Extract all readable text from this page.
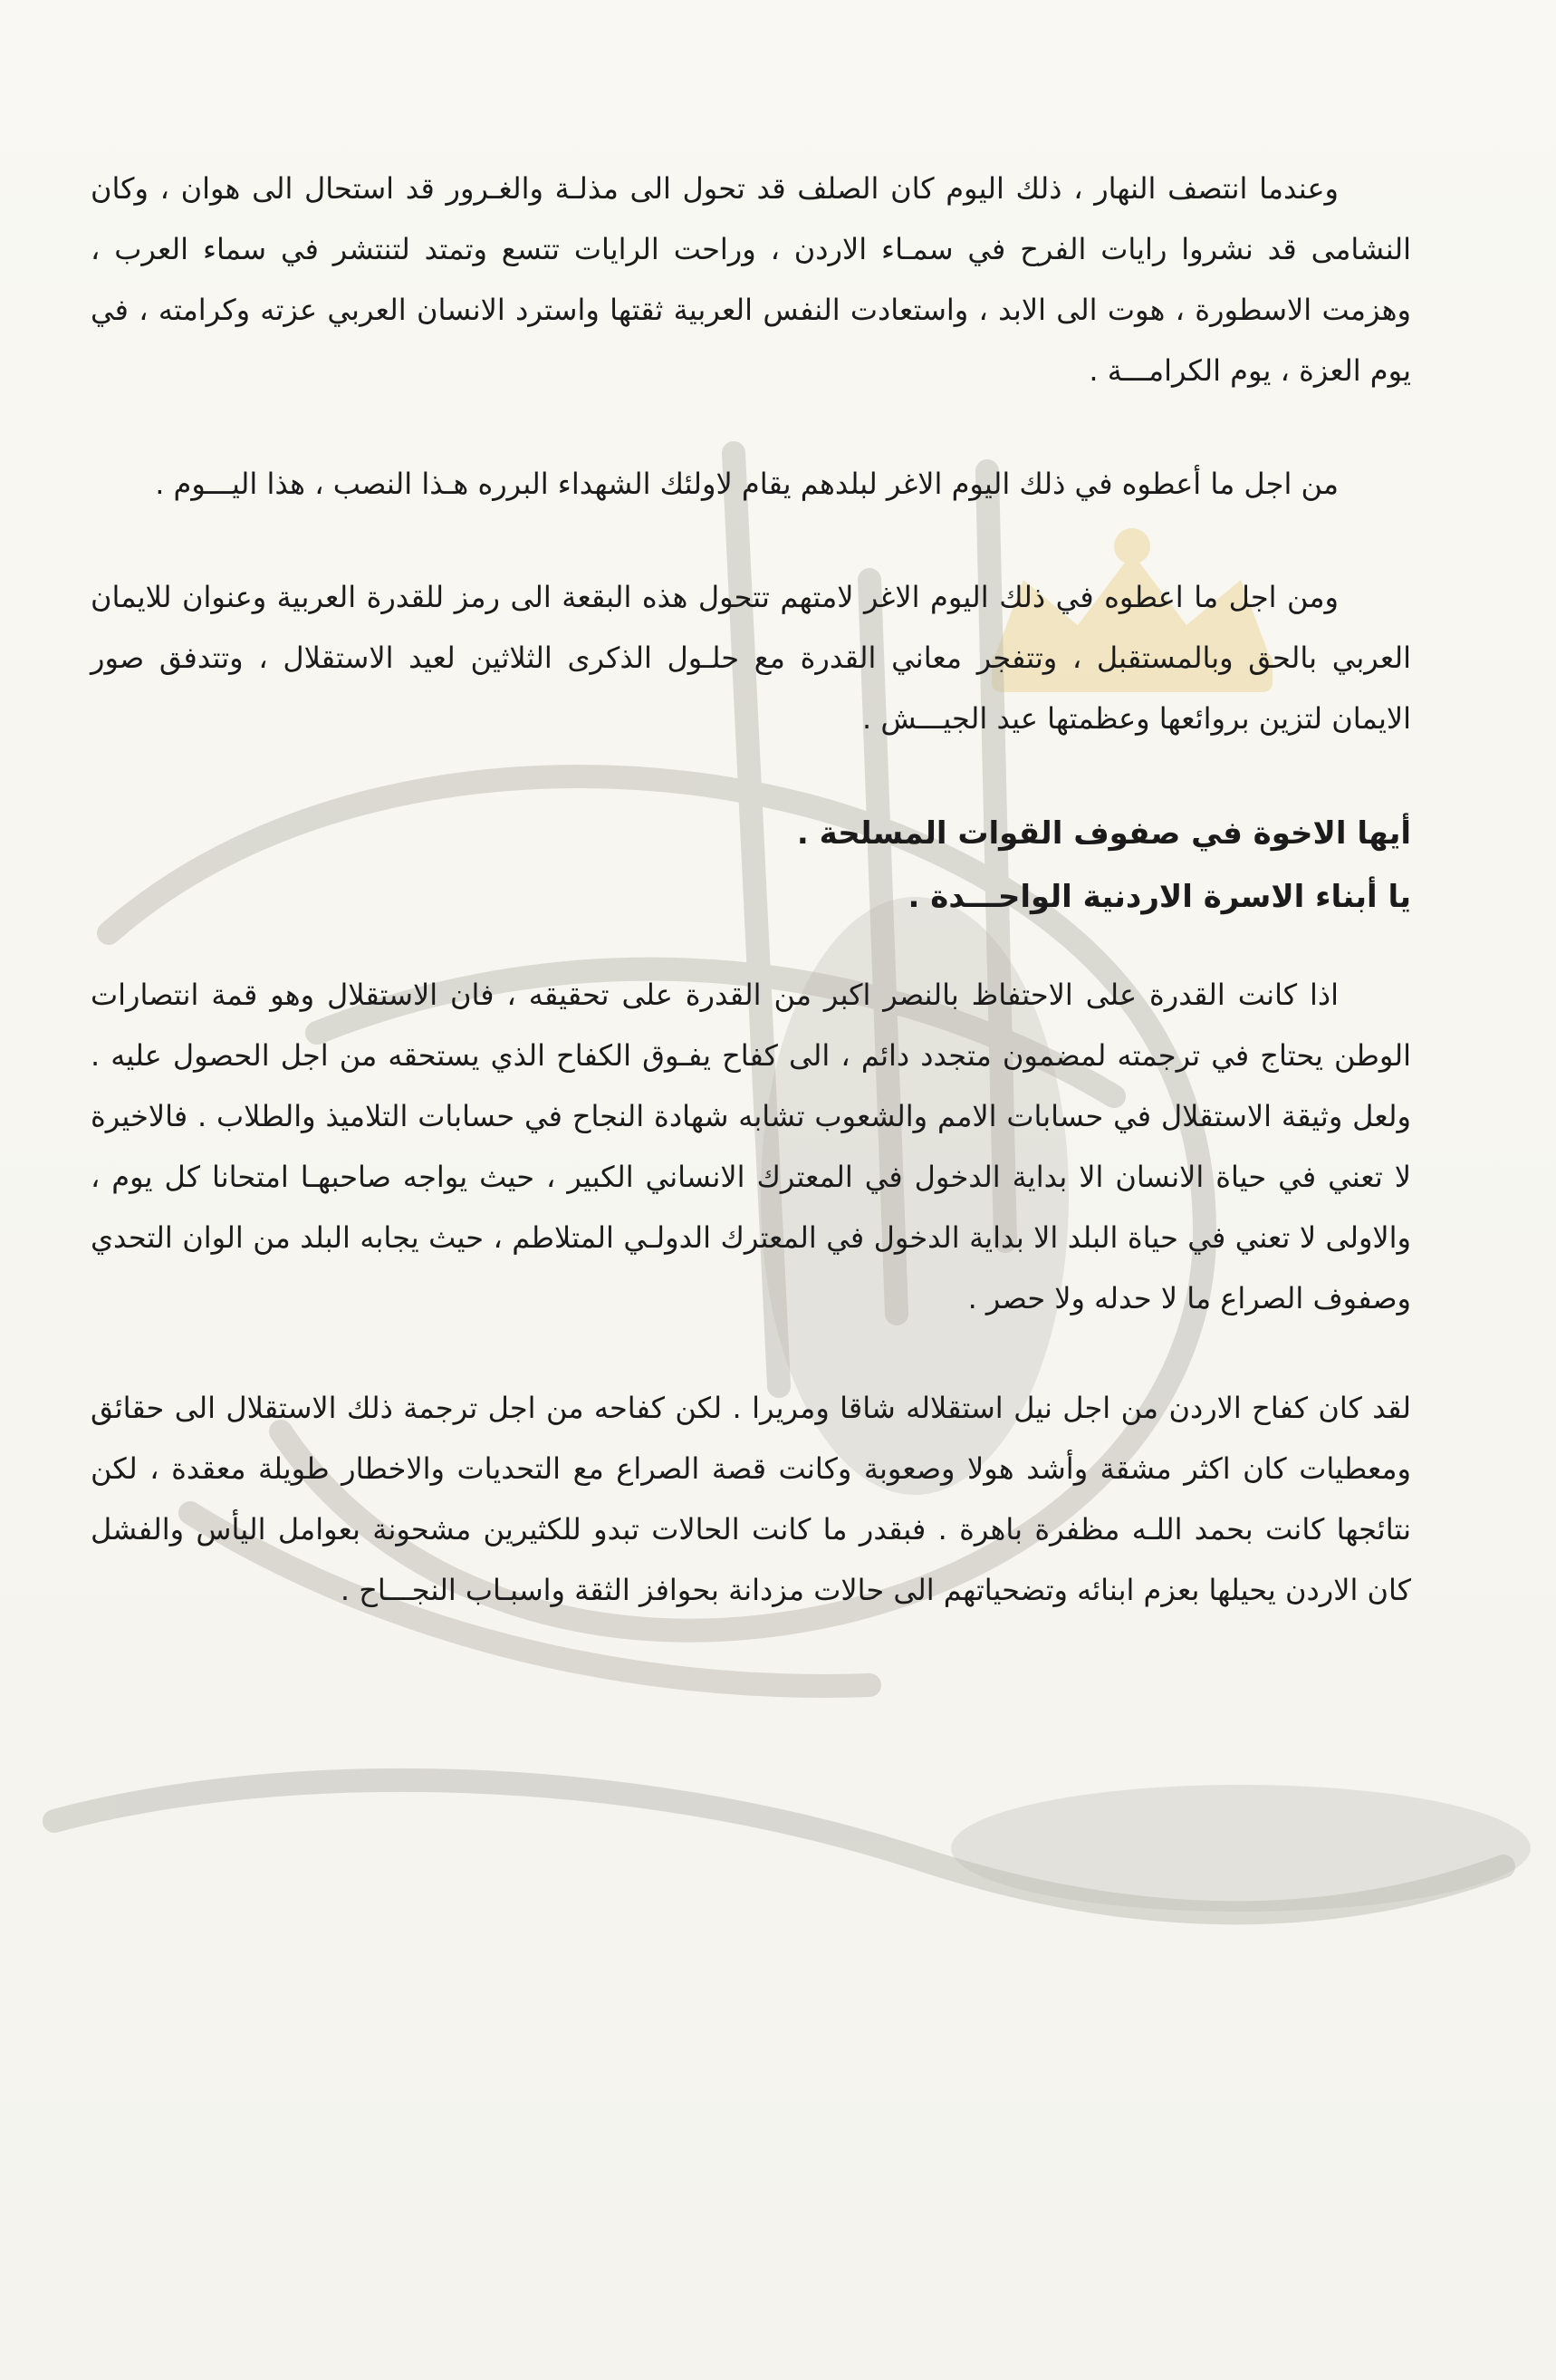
وعندما انتصف النهار ، ذلك اليوم كان الصلف قد تحول الى مذلـة والغـرور قد استحال الى هوان ، وكان النشامى قد نشروا رايات الفرح في سمـاء الاردن ، وراحت الرايات تتسع وتمتد لتنتشر في سماء العرب ، وهزمت الاسطورة ، هوت الى الابد ، واستعادت النفس العربية ثقتها واسترد الانسان العربي عزته وكرامته ، في يوم العزة ، يوم الكرامـــة .

من اجل ما أعطوه في ذلك اليوم الاغر لبلدهم يقام لاولئك الشهداء البرره هـذا النصب ، هذا اليـــوم .

ومن اجل ما اعطوه في ذلك اليوم الاغر لامتهم تتحول هذه البقعة الى رمز للقدرة العربية وعنوان للايمان العربي بالحق وبالمستقبل ، وتتفجر معاني القدرة مع حلـول الذكرى الثلاثين لعيد الاستقلال ، وتتدفق صور الايمان لتزين بروائعها وعظمتها عيد الجيـــش .

أيها الاخوة في صفوف القوات المسلحة .

يا أبناء الاسرة الاردنية الواحـــدة .

اذا كانت القدرة على الاحتفاظ بالنصر اكبر من القدرة على تحقيقه ، فان الاستقلال وهو قمة انتصارات الوطن يحتاج في ترجمته لمضمون متجدد دائم ، الى كفاح يفـوق الكفاح الذي يستحقه من اجل الحصول عليه . ولعل وثيقة الاستقلال في حسابات الامم والشعوب تشابه شهادة النجاح في حسابات التلاميذ والطلاب . فالاخيرة لا تعني في حياة الانسان الا بداية الدخول في المعترك الانساني الكبير ، حيث يواجه صاحبهـا امتحانا كل يوم ، والاولى لا تعني في حياة البلد الا بداية الدخول في المعترك الدولـي المتلاطم ، حيث يجابه البلد من الوان التحدي وصفوف الصراع ما لا حدله ولا حصر .

لقد كان كفاح الاردن من اجل نيل استقلاله شاقا ومريرا . لكن كفاحه من اجل ترجمة ذلك الاستقلال الى حقائق ومعطيات كان اكثر مشقة وأشد هولا وصعوبة وكانت قصة الصراع مع التحديات والاخطار طويلة معقدة ، لكن نتائجها كانت بحمد اللـه مظفرة باهرة . فبقدر ما كانت الحالات تبدو للكثيرين مشحونة بعوامل اليأس والفشل كان الاردن يحيلها بعزم ابنائه وتضحياتهم الى حالات مزدانة بحوافز الثقة واسبـاب النجـــاح .
